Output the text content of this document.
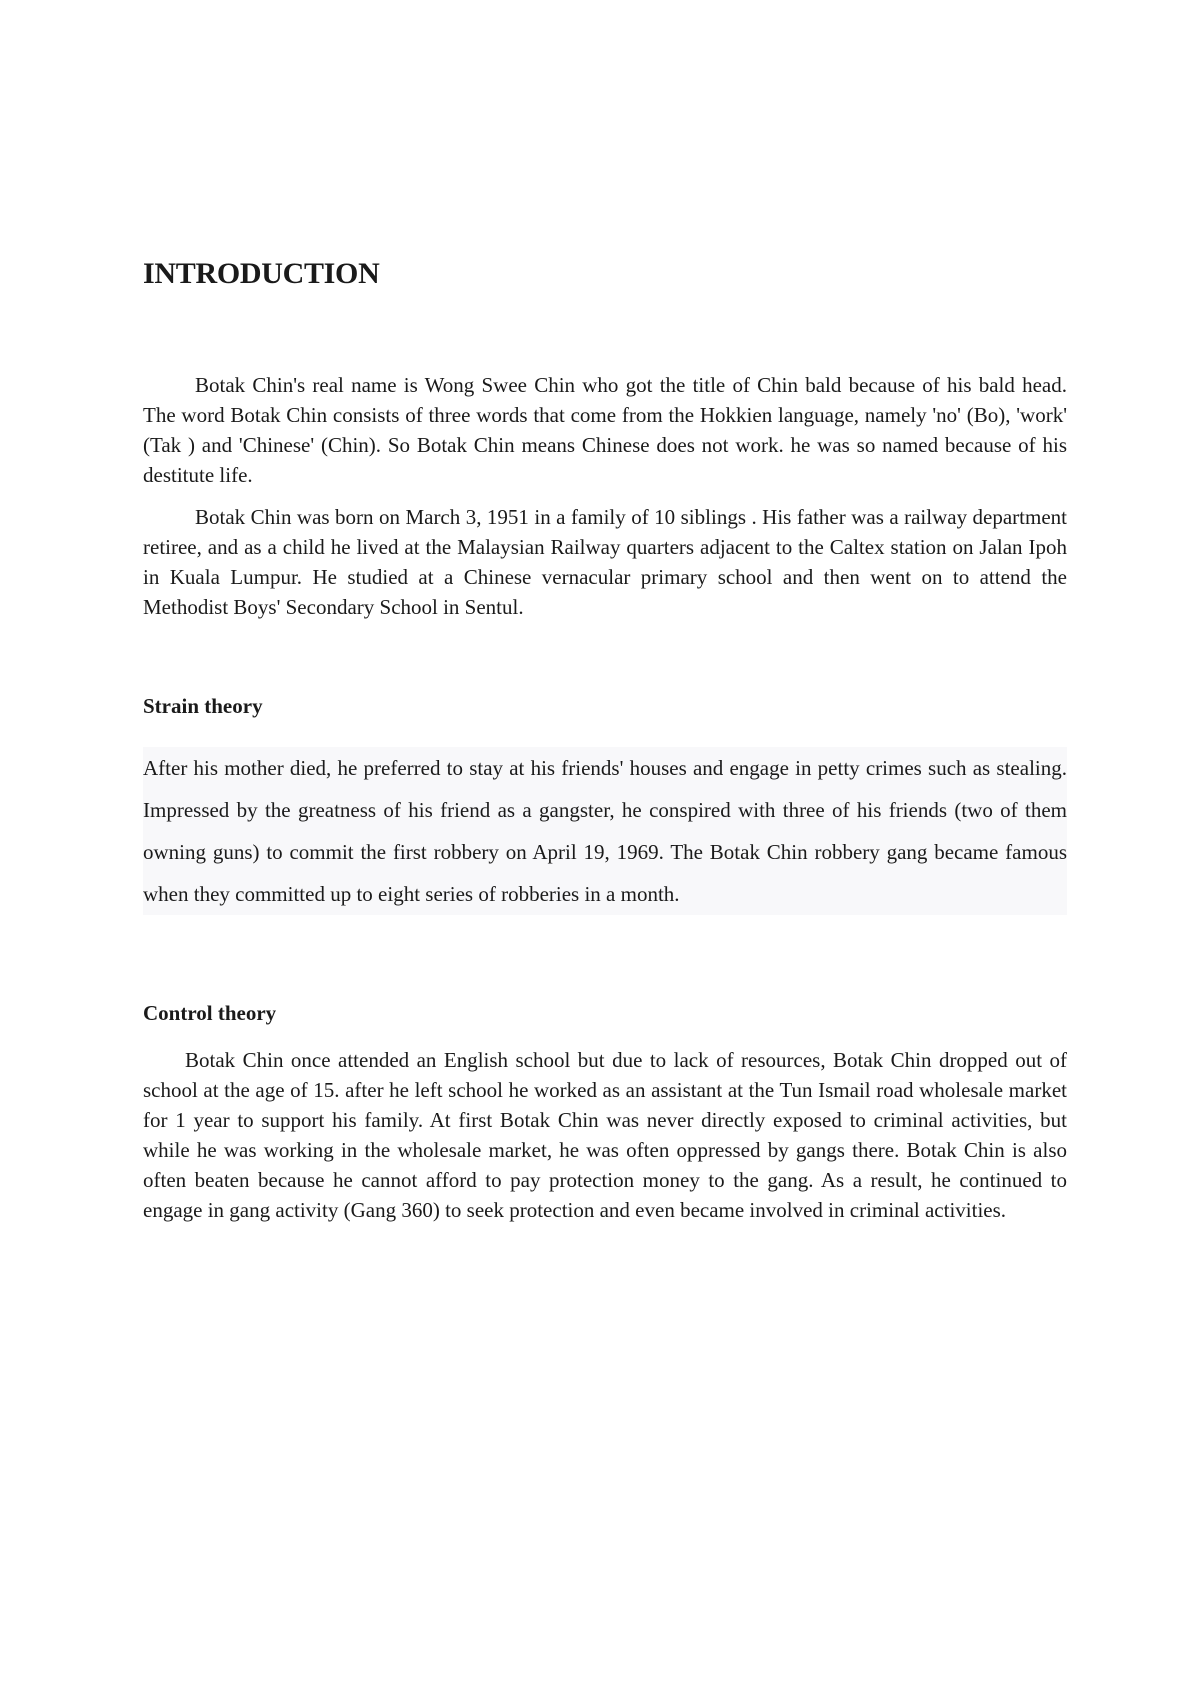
INTRODUCTION

Botak Chin's real name is Wong Swee Chin who got the title of Chin bald because of his bald head. The word Botak Chin consists of three words that come from the Hokkien language, namely 'no' (Bo), 'work' (Tak ) and 'Chinese' (Chin). So Botak Chin means Chinese does not work. he was so named because of his destitute life.

Botak Chin was born on March 3, 1951 in a family of 10 siblings . His father was a railway department retiree, and as a child he lived at the Malaysian Railway quarters adjacent to the Caltex station on Jalan Ipoh in Kuala Lumpur. He studied at a Chinese vernacular primary school and then went on to attend the Methodist Boys' Secondary School in Sentul.

Strain theory

After his mother died, he preferred to stay at his friends' houses and engage in petty crimes such as stealing. Impressed by the greatness of his friend as a gangster, he conspired with three of his friends (two of them owning guns) to commit the first robbery on April 19, 1969. The Botak Chin robbery gang became famous when they committed up to eight series of robberies in a month.

Control theory

Botak Chin once attended an English school but due to lack of resources, Botak Chin dropped out of school at the age of 15. after he left school he worked as an assistant at the Tun Ismail road wholesale market for 1 year to support his family. At first Botak Chin was never directly exposed to criminal activities, but while he was working in the wholesale market, he was often oppressed by gangs there. Botak Chin is also often beaten because he cannot afford to pay protection money to the gang. As a result, he continued to engage in gang activity (Gang 360) to seek protection and even became involved in criminal activities.
